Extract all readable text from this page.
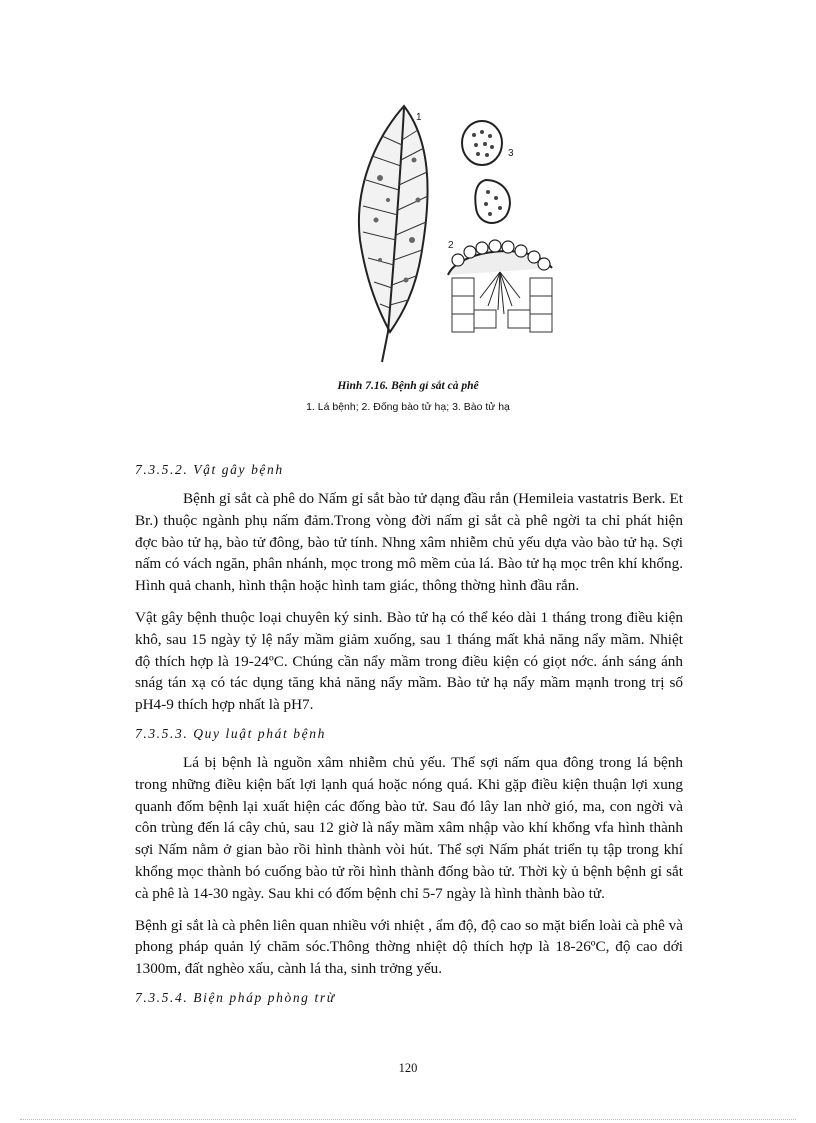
1
2
3
Hình 7.16. Bệnh gỉ sắt cà phê
1. Lá bệnh; 2. Đống bào tử hạ; 3. Bào tử hạ
7.3.5.2. Vật gây bệnh

Bệnh gỉ sắt cà phê do Nấm gỉ sắt bào tử dạng đầu rắn (Hemileia vastatris Berk. Et Br.) thuộc ngành phụ nấm đảm.Trong vòng đời nấm gỉ sắt cà phê ngời ta chỉ phát hiện đợc bào tử hạ, bào tử đông, bào tử tính. Nhng xâm nhiễm chủ yếu dựa vào bào tử hạ. Sợi nấm có vách ngăn, phân nhánh, mọc trong mô mềm của lá. Bào tử hạ mọc trên khí khổng. Hình quả chanh, hình thận hoặc hình tam giác, thông thờng hình đầu rắn.

Vật gây bệnh thuộc loại chuyên ký sinh. Bào tử hạ có thể kéo dài 1 tháng trong điều kiện khô, sau 15 ngày tỷ lệ nẩy mầm giảm xuống, sau 1 tháng mất khả năng nẩy mầm. Nhiệt độ thích hợp là 19-24ºC. Chúng cần nẩy mầm trong điều kiện có giọt nớc. ánh sáng ánh snág tán xạ có tác dụng tăng khả năng nẩy mầm. Bào tử hạ nẩy mầm mạnh trong trị số pH4-9 thích hợp nhất là pH7.

7.3.5.3. Quy luật phát bệnh

Lá bị bệnh là nguồn xâm nhiễm chủ yếu. Thể sợi nấm qua đông trong lá bệnh trong những điều kiện bất lợi lạnh quá hoặc nóng quá. Khi gặp điều kiện thuận lợi xung quanh đốm bệnh lại xuất hiện các đống bào tử. Sau đó lây lan nhờ gió, ma, con ngời và côn trùng đến lá cây chủ, sau 12 giờ là nẩy mầm xâm nhập vào khí khổng vfa hình thành sợi Nấm nằm ở gian bào rồi hình thành vòi hút. Thể sợi Nấm phát triển tụ tập trong khí khổng mọc thành bó cuống bào tử rồi hình thành đống bào tử. Thời kỳ ủ bệnh bệnh gỉ sắt cà phê là 14-30 ngày. Sau khi có đốm bệnh chỉ 5-7 ngày là hình thành bào tử.

Bệnh gỉ sắt là cà phên liên quan nhiều với nhiệt , ẩm độ, độ cao so mặt biển loài cà phê và phong pháp quản lý chăm sóc.Thông thờng nhiệt dộ thích hợp là 18-26ºC, độ cao dới 1300m, đất nghèo xấu, cành lá tha, sinh trởng yếu.

7.3.5.4. Biện pháp phòng trừ
120
